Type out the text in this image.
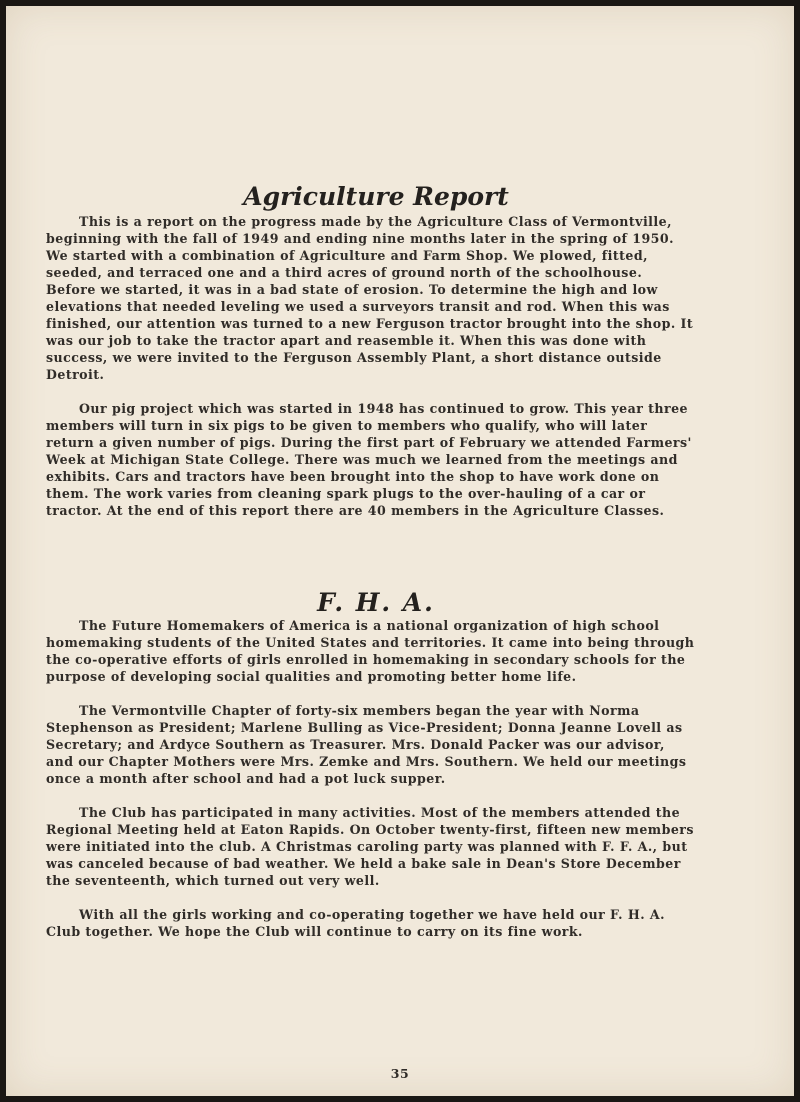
Agriculture Report

This is a report on the progress made by the Agriculture Class of Vermontville, beginning with the fall of 1949 and ending nine months later in the spring of 1950. We started with a combination of Agriculture and Farm Shop. We plowed, fitted, seeded, and terraced one and a third acres of ground north of the schoolhouse. Before we started, it was in a bad state of erosion. To determine the high and low elevations that needed leveling we used a surveyors transit and rod. When this was finished, our attention was turned to a new Ferguson tractor brought into the shop. It was our job to take the tractor apart and reasemble it. When this was done with success, we were invited to the Ferguson Assembly Plant, a short distance outside Detroit.

Our pig project which was started in 1948 has continued to grow. This year three members will turn in six pigs to be given to members who qualify, who will later return a given number of pigs. During the first part of February we attended Farmers' Week at Michigan State College. There was much we learned from the meetings and exhibits. Cars and tractors have been brought into the shop to have work done on them. The work varies from cleaning spark plugs to the over-hauling of a car or tractor. At the end of this report there are 40 members in the Agriculture Classes.

F. H. A.

The Future Homemakers of America is a national organization of high school homemaking students of the United States and territories. It came into being through the co-operative efforts of girls enrolled in homemaking in secondary schools for the purpose of developing social qualities and promoting better home life.

The Vermontville Chapter of forty-six members began the year with Norma Stephenson as President; Marlene Bulling as Vice-President; Donna Jeanne Lovell as Secretary; and Ardyce Southern as Treasurer. Mrs. Donald Packer was our advisor, and our Chapter Mothers were Mrs. Zemke and Mrs. Southern. We held our meetings once a month after school and had a pot luck supper.

The Club has participated in many activities. Most of the members attended the Regional Meeting held at Eaton Rapids. On October twenty-first, fifteen new members were initiated into the club. A Christmas caroling party was planned with F. F. A., but was canceled because of bad weather. We held a bake sale in Dean's Store December the seventeenth, which turned out very well.

With all the girls working and co-operating together we have held our F. H. A. Club together. We hope the Club will continue to carry on its fine work.

35
